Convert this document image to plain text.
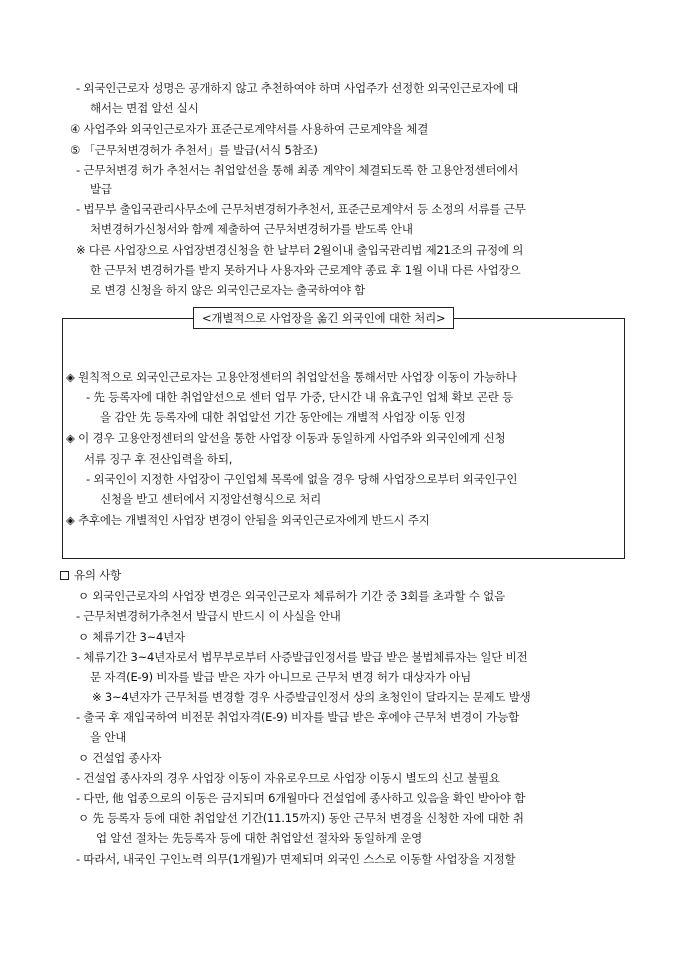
- 외국인근로자 성명은 공개하지 않고 추천하여야 하며 사업주가 선정한 외국인근로자에 대
해서는 면접 알선 실시
④ 사업주와 외국인근로자가 표준근로계약서를 사용하여 근로계약을 체결
⑤ 「근무처변경허가 추천서」를 발급(서식 5참조)
- 근무처변경 허가 추천서는 취업알선을 통해 최종 계약이 체결되도록 한 고용안정센터에서
발급
- 법무부 출입국관리사무소에 근무처변경허가추천서, 표준근로계약서 등 소정의 서류를 근무
처변경허가신청서와 함께 제출하여 근무처변경허가를 받도록 안내
※ 다른 사업장으로 사업장변경신청을 한 날부터 2월이내 출입국관리법 제21조의 규정에 의
한 근무처 변경허가를 받지 못하거나 사용자와 근로계약 종료 후 1월 이내 다른 사업장으
로 변경 신청을 하지 않은 외국인근로자는 출국하여야 함
<개별적으로 사업장을 옮긴 외국인에 대한 처리>
◈ 원칙적으로 외국인근로자는 고용안정센터의 취업알선을 통해서만 사업장 이동이 가능하나
- 先 등록자에 대한 취업알선으로 센터 업무 가중, 단시간 내 유효구인 업체 확보 곤란 등
을 감안 先 등록자에 대한 취업알선 기간 동안에는 개별적 사업장 이동 인정
◈ 이 경우 고용안정센터의 알선을 통한 사업장 이동과 동일하게 사업주와 외국인에게 신청
서류 징구 후 전산입력을 하되,
- 외국인이 지정한 사업장이 구인업체 목록에 없을 경우 당해 사업장으로부터 외국인구인
신청을 받고 센터에서 지정알선형식으로 처리
◈ 추후에는 개별적인 사업장 변경이 안됨을 외국인근로자에게 반드시 주지
유의 사항
ㅇ 외국인근로자의 사업장 변경은 외국인근로자 체류허가 기간 중 3회를 초과할 수 없음
- 근무처변경허가추천서 발급시 반드시 이 사실을 안내
ㅇ 체류기간 3~4년자
- 체류기간 3~4년자로서 법무부로부터 사증발급인정서를 발급 받은 불법체류자는 일단 비전
문 자격(E-9) 비자를 발급 받은 자가 아니므로 근무처 변경 허가 대상자가 아님
※ 3~4년자가 근무처를 변경할 경우 사증발급인정서 상의 초청인이 달라지는 문제도 발생
- 출국 후 재입국하여 비전문 취업자격(E-9) 비자를 발급 받은 후에야 근무처 변경이 가능함
을 안내
ㅇ 건설업 종사자
- 건설업 종사자의 경우 사업장 이동이 자유로우므로 사업장 이동시 별도의 신고 불필요
- 다만, 他 업종으로의 이동은 금지되며 6개월마다 건설업에 종사하고 있음을 확인 받아야 함
ㅇ 先 등록자 등에 대한 취업알선 기간(11.15까지) 동안 근무처 변경을 신청한 자에 대한 취
업 알선 절차는 先등록자 등에 대한 취업알선 절차와 동일하게 운영
- 따라서, 내국인 구인노력 의무(1개월)가 면제되며 외국인 스스로 이동할 사업장을 지정할
